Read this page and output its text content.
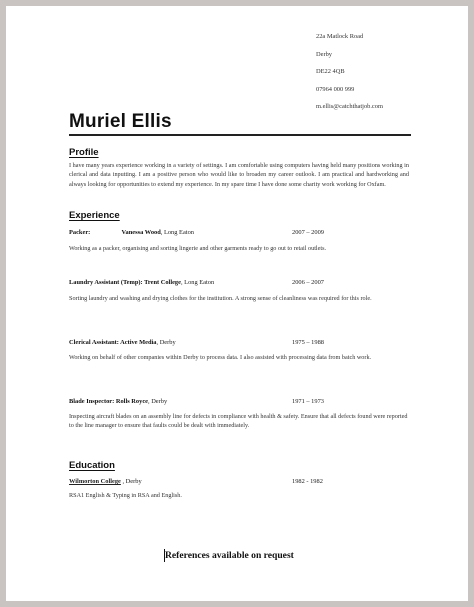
22a Matlock Road
Derby
DE22 4QB
07964 000 999
m.ellis@catchthatjob.com
Muriel Ellis
Profile
I have many years experience working in a variety of settings. I am comfortable using computers having held many positions working in clerical and data inputting. I am a positive person who would like to broaden my career outlook. I am practical and hardworking and always looking for opportunities to extend my experience. In my spare time I have done some charity work working for Oxfam.
Experience
Packer:	Vanessa Wood, Long Eaton	2007 – 2009
Working as a packer, organising and sorting lingerie and other garments ready to go out to retail outlets.
Laundry Assistant (Temp): Trent College, Long Eaton	2006 – 2007
Sorting laundry and washing and drying clothes for the institution. A strong sense of cleanliness was required for this role.
Clerical Assistant: Active Media, Derby	1975 – 1988
Working on behalf of other companies within Derby to process data. I also assisted with processing data from batch work.
Blade Inspector: Rolls Royce, Derby	1971 – 1973
Inspecting aircraft blades on an assembly line for defects in compliance with health & safety. Ensure that all defects found were reported to the line manager to ensure that faults could be dealt with immediately.
Education
Wilmorton College , Derby	1982 - 1982
RSA1 English & Typing in RSA and English.
References available on request
